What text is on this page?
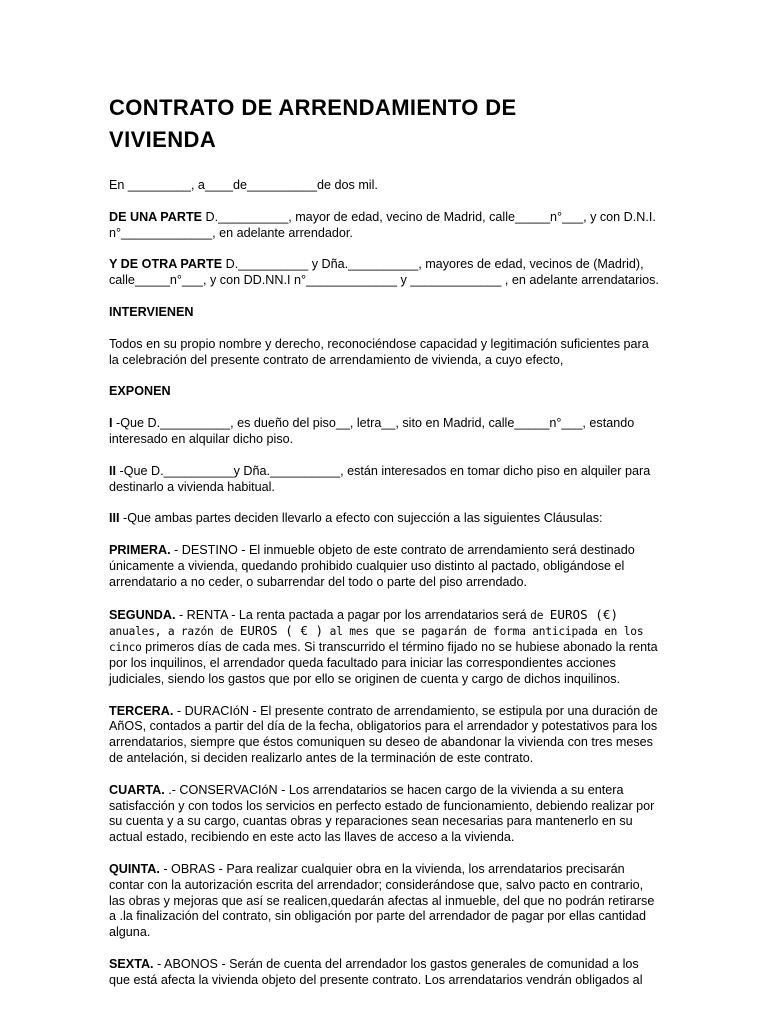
CONTRATO DE ARRENDAMIENTO DE
VIVIENDA

En _________, a____de__________de dos mil.

DE UNA PARTE D.__________, mayor de edad, vecino de Madrid, calle_____n°___, y con D.N.I. n°_____________, en adelante arrendador.

Y DE OTRA PARTE D.__________ y Dña.__________, mayores de edad, vecinos de (Madrid), calle_____n°___, y con DD.NN.I n°_____________ y _____________ , en adelante arrendatarios.

INTERVIENEN

Todos en su propio nombre y derecho, reconociéndose capacidad y legitimación suficientes para la celebración del presente contrato de arrendamiento de vivienda, a cuyo efecto,

EXPONEN

I -Que D.__________, es dueño del piso__, letra__, sito en Madrid, calle_____n°___, estando interesado en alquilar dicho piso.

II -Que D.__________y Dña.__________, están interesados en tomar dicho piso en alquiler para destinarlo a vivienda habitual.

III -Que ambas partes deciden llevarlo a efecto con sujección a las siguientes Cláusulas:

PRIMERA. - DESTINO - El inmueble objeto de este contrato de arrendamiento será destinado únicamente a vivienda, quedando prohibido cualquier uso distinto al pactado, obligándose el arrendatario a no ceder, o subarrendar del todo o parte del piso arrendado.

SEGUNDA. - RENTA - La renta pactada a pagar por los arrendatarios será de EUROS (€) anuales, a razón de EUROS ( € ) al mes que se pagarán de forma anticipada en los cinco primeros días de cada mes. Si transcurrido el término fijado no se hubiese abonado la renta por los inquilinos, el arrendador queda facultado para iniciar las correspondientes acciones judiciales, siendo los gastos que por ello se originen de cuenta y cargo de dichos inquilinos.

TERCERA. - DURACIóN - El presente contrato de arrendamiento, se estipula por una duración de AñOS, contados a partir del día de la fecha, obligatorios para el arrendador y potestativos para los arrendatarios, siempre que éstos comuniquen su deseo de abandonar la vivienda con tres meses de antelación, si deciden realizarlo antes de la terminación de este contrato.

CUARTA. .- CONSERVACIóN - Los arrendatarios se hacen cargo de la vivienda a su entera satisfacción y con todos los servicios en perfecto estado de funcionamiento, debiendo realizar por su cuenta y a su cargo, cuantas obras y reparaciones sean necesarias para mantenerlo en su actual estado, recibiendo en este acto las llaves de acceso a la vivienda.

QUINTA. - OBRAS - Para realizar cualquier obra en la vivienda, los arrendatarios precisarán contar con la autorización escrita del arrendador; considerándose que, salvo pacto en contrario, las obras y mejoras que así se realicen,quedarán afectas al inmueble, del que no podrán retirarse a .la finalización del contrato, sin obligación por parte del arrendador de pagar por ellas cantidad alguna.

SEXTA. - ABONOS - Serán de cuenta del arrendador los gastos generales de comunidad a los que está afecta la vivienda objeto del presente contrato. Los arrendatarios vendrán obligados al
